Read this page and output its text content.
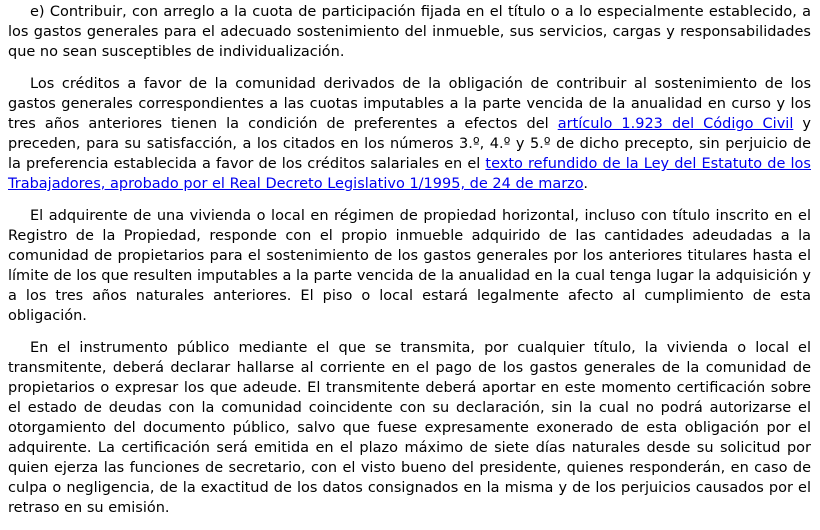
e) Contribuir, con arreglo a la cuota de participación fijada en el título o a lo especialmente establecido, a los gastos generales para el adecuado sostenimiento del inmueble, sus servicios, cargas y responsabilidades que no sean susceptibles de individualización.

Los créditos a favor de la comunidad derivados de la obligación de contribuir al sostenimiento de los gastos generales correspondientes a las cuotas imputables a la parte vencida de la anualidad en curso y los tres años anteriores tienen la condición de preferentes a efectos del artículo 1.923 del Código Civil y preceden, para su satisfacción, a los citados en los números 3.º, 4.º y 5.º de dicho precepto, sin perjuicio de la preferencia establecida a favor de los créditos salariales en el texto refundido de la Ley del Estatuto de los Trabajadores, aprobado por el Real Decreto Legislativo 1/1995, de 24 de marzo.

El adquirente de una vivienda o local en régimen de propiedad horizontal, incluso con título inscrito en el Registro de la Propiedad, responde con el propio inmueble adquirido de las cantidades adeudadas a la comunidad de propietarios para el sostenimiento de los gastos generales por los anteriores titulares hasta el límite de los que resulten imputables a la parte vencida de la anualidad en la cual tenga lugar la adquisición y a los tres años naturales anteriores. El piso o local estará legalmente afecto al cumplimiento de esta obligación.

En el instrumento público mediante el que se transmita, por cualquier título, la vivienda o local el transmitente, deberá declarar hallarse al corriente en el pago de los gastos generales de la comunidad de propietarios o expresar los que adeude. El transmitente deberá aportar en este momento certificación sobre el estado de deudas con la comunidad coincidente con su declaración, sin la cual no podrá autorizarse el otorgamiento del documento público, salvo que fuese expresamente exonerado de esta obligación por el adquirente. La certificación será emitida en el plazo máximo de siete días naturales desde su solicitud por quien ejerza las funciones de secretario, con el visto bueno del presidente, quienes responderán, en caso de culpa o negligencia, de la exactitud de los datos consignados en la misma y de los perjuicios causados por el retraso en su emisión.
